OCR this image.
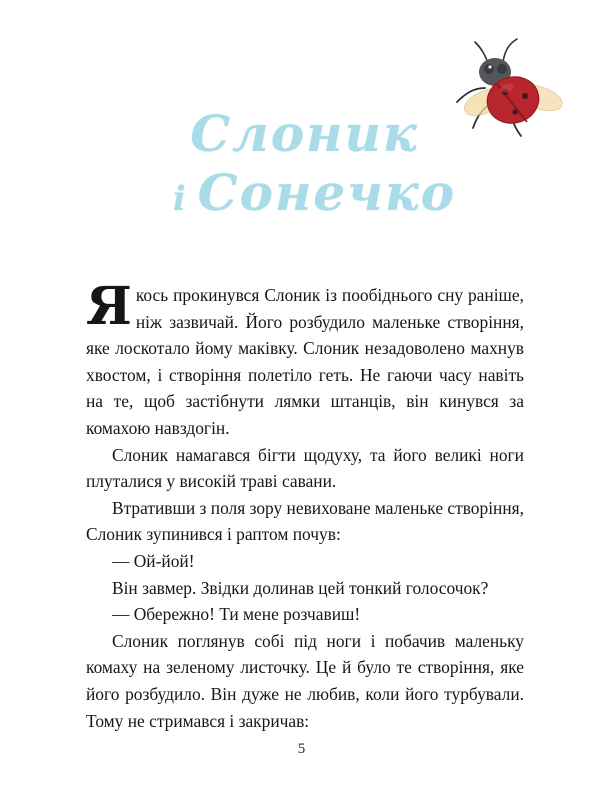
Слоник
і Сонечко

Якось прокинувся Слоник із пообіднього сну раніше, ніж зазвичай. Його розбудило маленьке створіння, яке лоскотало йому маківку. Слоник незадоволено махнув хвостом, і створіння полетіло геть. Не гаючи часу навіть на те, щоб застібнути лямки штанців, він кинувся за комахою навздогін.

Слоник намагався бігти щодуху, та його великі ноги плуталися у високій траві савани.

Втративши з поля зору невиховане маленьке створіння, Слоник зупинився і раптом почув:

— Ой-йой!

Він завмер. Звідки долинав цей тонкий голосочок?

— Обережно! Ти мене розчавиш!

Слоник поглянув собі під ноги і побачив маленьку комаху на зеленому листочку. Це й було те створіння, яке його розбудило. Він дуже не любив, коли його турбували. Тому не стримався і закричав:

5
